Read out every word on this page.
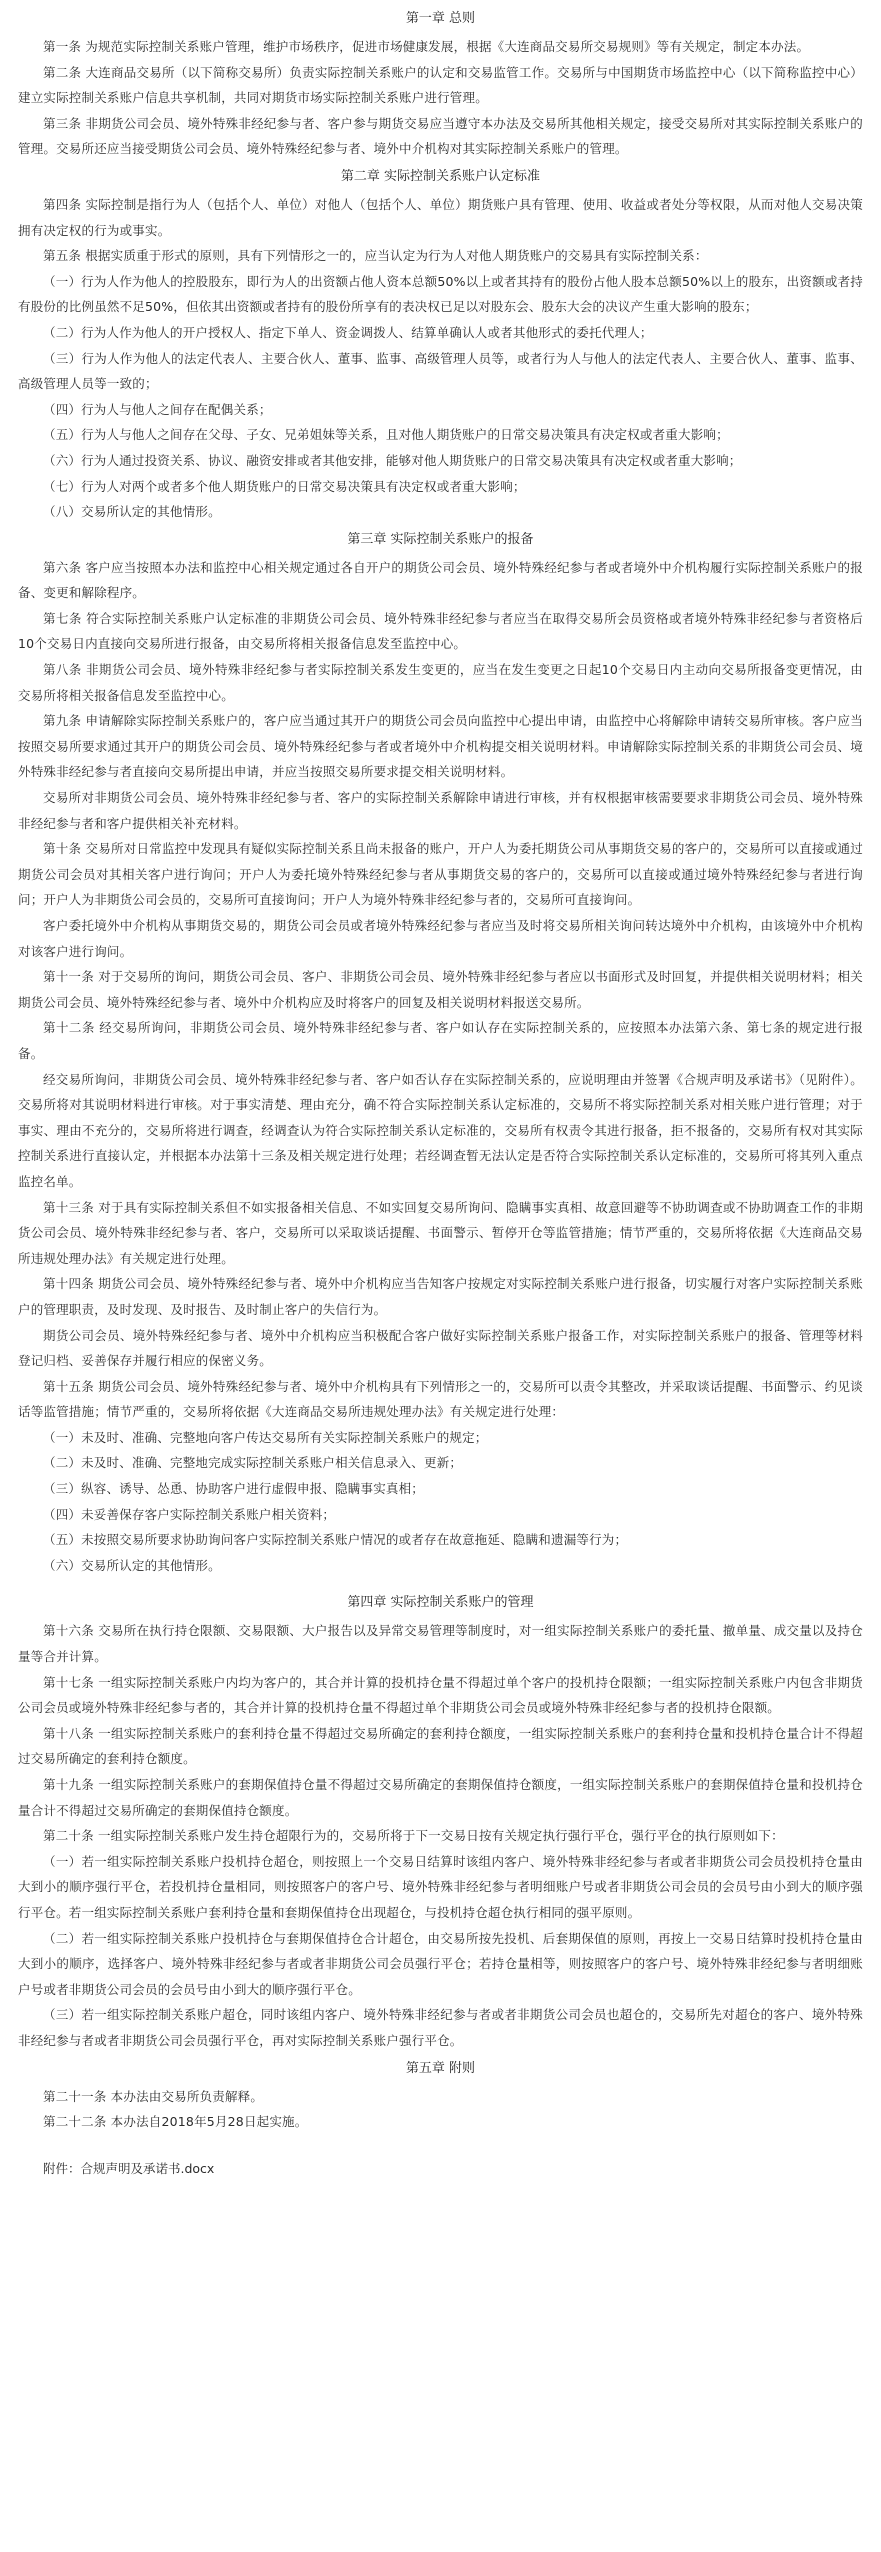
第一章 总则

第一条 为规范实际控制关系账户管理，维护市场秩序，促进市场健康发展，根据《大连商品交易所交易规则》等有关规定，制定本办法。

第二条 大连商品交易所（以下简称交易所）负责实际控制关系账户的认定和交易监管工作。交易所与中国期货市场监控中心（以下简称监控中心）建立实际控制关系账户信息共享机制，共同对期货市场实际控制关系账户进行管理。

第三条 非期货公司会员、境外特殊非经纪参与者、客户参与期货交易应当遵守本办法及交易所其他相关规定，接受交易所对其实际控制关系账户的管理。交易所还应当接受期货公司会员、境外特殊经纪参与者、境外中介机构对其实际控制关系账户的管理。

第二章 实际控制关系账户认定标准

第四条 实际控制是指行为人（包括个人、单位）对他人（包括个人、单位）期货账户具有管理、使用、收益或者处分等权限，从而对他人交易决策拥有决定权的行为或事实。

第五条 根据实质重于形式的原则，具有下列情形之一的，应当认定为行为人对他人期货账户的交易具有实际控制关系：

（一）行为人作为他人的控股股东，即行为人的出资额占他人资本总额50%以上或者其持有的股份占他人股本总额50%以上的股东，出资额或者持有股份的比例虽然不足50%，但依其出资额或者持有的股份所享有的表决权已足以对股东会、股东大会的决议产生重大影响的股东；

（二）行为人作为他人的开户授权人、指定下单人、资金调拨人、结算单确认人或者其他形式的委托代理人；

（三）行为人作为他人的法定代表人、主要合伙人、董事、监事、高级管理人员等，或者行为人与他人的法定代表人、主要合伙人、董事、监事、高级管理人员等一致的；

（四）行为人与他人之间存在配偶关系；

（五）行为人与他人之间存在父母、子女、兄弟姐妹等关系，且对他人期货账户的日常交易决策具有决定权或者重大影响；

（六）行为人通过投资关系、协议、融资安排或者其他安排，能够对他人期货账户的日常交易决策具有决定权或者重大影响；

（七）行为人对两个或者多个他人期货账户的日常交易决策具有决定权或者重大影响；

（八）交易所认定的其他情形。

第三章 实际控制关系账户的报备

第六条 客户应当按照本办法和监控中心相关规定通过各自开户的期货公司会员、境外特殊经纪参与者或者境外中介机构履行实际控制关系账户的报备、变更和解除程序。

第七条 符合实际控制关系账户认定标准的非期货公司会员、境外特殊非经纪参与者应当在取得交易所会员资格或者境外特殊非经纪参与者资格后10个交易日内直接向交易所进行报备，由交易所将相关报备信息发至监控中心。

第八条 非期货公司会员、境外特殊非经纪参与者实际控制关系发生变更的，应当在发生变更之日起10个交易日内主动向交易所报备变更情况，由交易所将相关报备信息发至监控中心。

第九条 申请解除实际控制关系账户的，客户应当通过其开户的期货公司会员向监控中心提出申请，由监控中心将解除申请转交易所审核。客户应当按照交易所要求通过其开户的期货公司会员、境外特殊经纪参与者或者境外中介机构提交相关说明材料。申请解除实际控制关系的非期货公司会员、境外特殊非经纪参与者直接向交易所提出申请，并应当按照交易所要求提交相关说明材料。

交易所对非期货公司会员、境外特殊非经纪参与者、客户的实际控制关系解除申请进行审核，并有权根据审核需要要求非期货公司会员、境外特殊非经纪参与者和客户提供相关补充材料。

第十条 交易所对日常监控中发现具有疑似实际控制关系且尚未报备的账户，开户人为委托期货公司从事期货交易的客户的，交易所可以直接或通过期货公司会员对其相关客户进行询问；开户人为委托境外特殊经纪参与者从事期货交易的客户的，交易所可以直接或通过境外特殊经纪参与者进行询问；开户人为非期货公司会员的，交易所可直接询问；开户人为境外特殊非经纪参与者的，交易所可直接询问。

客户委托境外中介机构从事期货交易的，期货公司会员或者境外特殊经纪参与者应当及时将交易所相关询问转达境外中介机构，由该境外中介机构对该客户进行询问。

第十一条 对于交易所的询问，期货公司会员、客户、非期货公司会员、境外特殊非经纪参与者应以书面形式及时回复，并提供相关说明材料；相关期货公司会员、境外特殊经纪参与者、境外中介机构应及时将客户的回复及相关说明材料报送交易所。

第十二条 经交易所询问，非期货公司会员、境外特殊非经纪参与者、客户如认存在实际控制关系的，应按照本办法第六条、第七条的规定进行报备。

经交易所询问，非期货公司会员、境外特殊非经纪参与者、客户如否认存在实际控制关系的，应说明理由并签署《合规声明及承诺书》（见附件）。交易所将对其说明材料进行审核。对于事实清楚、理由充分，确不符合实际控制关系认定标准的，交易所不将实际控制关系对相关账户进行管理；对于事实、理由不充分的，交易所将进行调查，经调查认为符合实际控制关系认定标准的，交易所有权责令其进行报备，拒不报备的，交易所有权对其实际控制关系进行直接认定，并根据本办法第十三条及相关规定进行处理；若经调查暂无法认定是否符合实际控制关系认定标准的，交易所可将其列入重点监控名单。

第十三条 对于具有实际控制关系但不如实报备相关信息、不如实回复交易所询问、隐瞒事实真相、故意回避等不协助调查或不协助调查工作的非期货公司会员、境外特殊非经纪参与者、客户，交易所可以采取谈话提醒、书面警示、暂停开仓等监管措施；情节严重的，交易所将依据《大连商品交易所违规处理办法》有关规定进行处理。

第十四条 期货公司会员、境外特殊经纪参与者、境外中介机构应当告知客户按规定对实际控制关系账户进行报备，切实履行对客户实际控制关系账户的管理职责，及时发现、及时报告、及时制止客户的失信行为。

期货公司会员、境外特殊经纪参与者、境外中介机构应当积极配合客户做好实际控制关系账户报备工作，对实际控制关系账户的报备、管理等材料登记归档、妥善保存并履行相应的保密义务。

第十五条 期货公司会员、境外特殊经纪参与者、境外中介机构具有下列情形之一的，交易所可以责令其整改，并采取谈话提醒、书面警示、约见谈话等监管措施；情节严重的，交易所将依据《大连商品交易所违规处理办法》有关规定进行处理：

（一）未及时、准确、完整地向客户传达交易所有关实际控制关系账户的规定；

（二）未及时、准确、完整地完成实际控制关系账户相关信息录入、更新；

（三）纵容、诱导、怂恿、协助客户进行虚假申报、隐瞒事实真相；

（四）未妥善保存客户实际控制关系账户相关资料；

（五）未按照交易所要求协助询问客户实际控制关系账户情况的或者存在故意拖延、隐瞒和遗漏等行为；

（六）交易所认定的其他情形。

第四章 实际控制关系账户的管理

第十六条 交易所在执行持仓限额、交易限额、大户报告以及异常交易管理等制度时，对一组实际控制关系账户的委托量、撤单量、成交量以及持仓量等合并计算。

第十七条 一组实际控制关系账户内均为客户的，其合并计算的投机持仓量不得超过单个客户的投机持仓限额；一组实际控制关系账户内包含非期货公司会员或境外特殊非经纪参与者的，其合并计算的投机持仓量不得超过单个非期货公司会员或境外特殊非经纪参与者的投机持仓限额。

第十八条 一组实际控制关系账户的套利持仓量不得超过交易所确定的套利持仓额度，一组实际控制关系账户的套利持仓量和投机持仓量合计不得超过交易所确定的套利持仓额度。

第十九条 一组实际控制关系账户的套期保值持仓量不得超过交易所确定的套期保值持仓额度，一组实际控制关系账户的套期保值持仓量和投机持仓量合计不得超过交易所确定的套期保值持仓额度。

第二十条 一组实际控制关系账户发生持仓超限行为的，交易所将于下一交易日按有关规定执行强行平仓，强行平仓的执行原则如下：

（一）若一组实际控制关系账户投机持仓超仓，则按照上一个交易日结算时该组内客户、境外特殊非经纪参与者或者非期货公司会员投机持仓量由大到小的顺序强行平仓，若投机持仓量相同，则按照客户的客户号、境外特殊非经纪参与者明细账户号或者非期货公司会员的会员号由小到大的顺序强行平仓。若一组实际控制关系账户套利持仓量和套期保值持仓出现超仓，与投机持仓超仓执行相同的强平原则。

（二）若一组实际控制关系账户投机持仓与套期保值持仓合计超仓，由交易所按先投机、后套期保值的原则，再按上一交易日结算时投机持仓量由大到小的顺序，选择客户、境外特殊非经纪参与者或者非期货公司会员强行平仓；若持仓量相等，则按照客户的客户号、境外特殊非经纪参与者明细账户号或者非期货公司会员的会员号由小到大的顺序强行平仓。

（三）若一组实际控制关系账户超仓，同时该组内客户、境外特殊非经纪参与者或者非期货公司会员也超仓的，交易所先对超仓的客户、境外特殊非经纪参与者或者非期货公司会员强行平仓，再对实际控制关系账户强行平仓。

第五章 附则

第二十一条 本办法由交易所负责解释。

第二十二条 本办法自2018年5月28日起实施。

附件：合规声明及承诺书.docx
